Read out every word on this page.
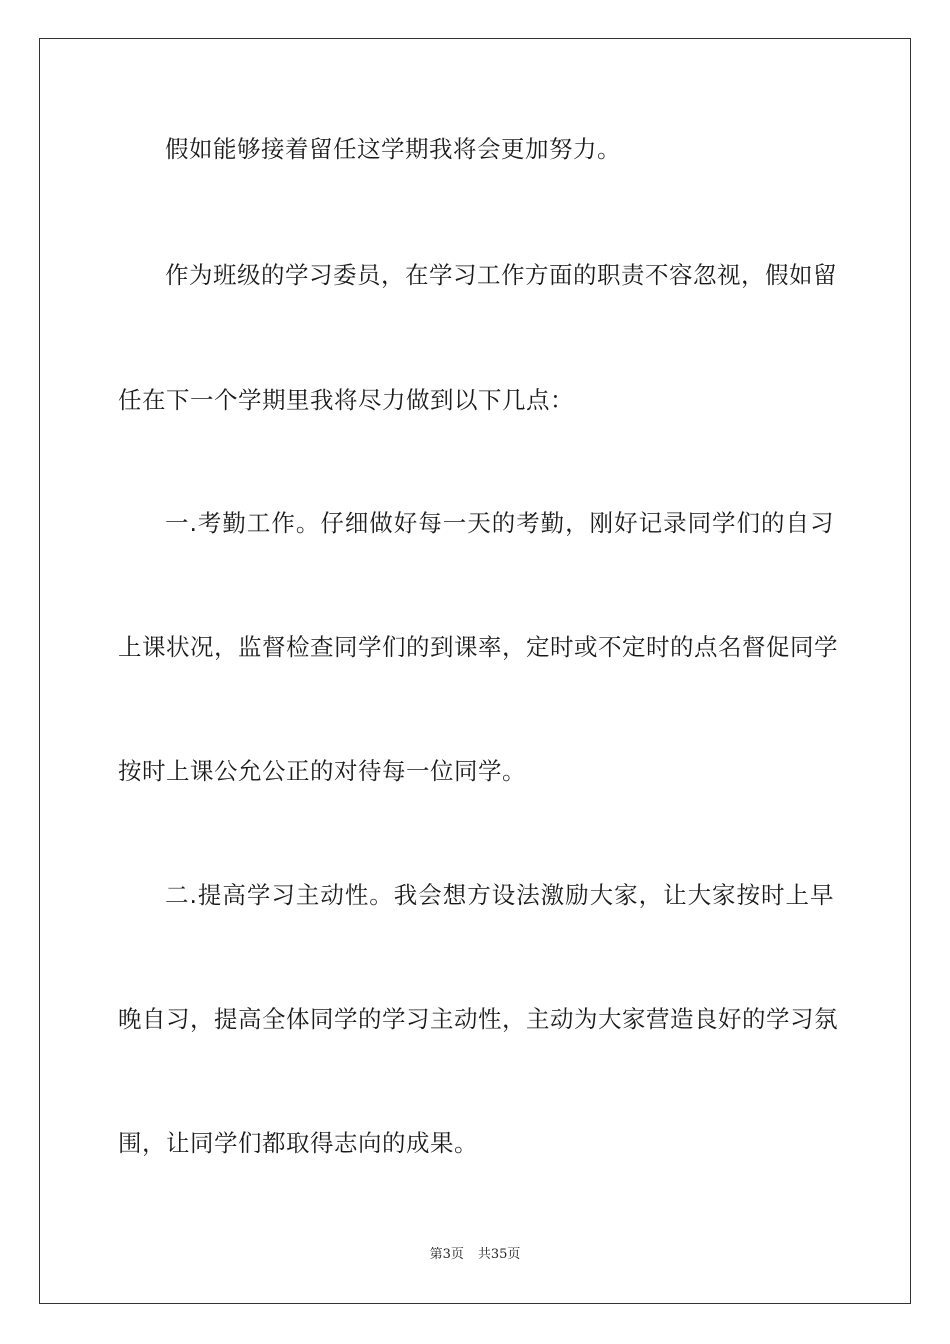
假如能够接着留任这学期我将会更加努力。
作为班级的学习委员，在学习工作方面的职责不容忽视，假如留
任在下一个学期里我将尽力做到以下几点：
一.考勤工作。仔细做好每一天的考勤，刚好记录同学们的自习
上课状况，监督检查同学们的到课率，定时或不定时的点名督促同学
按时上课公允公正的对待每一位同学。
二.提高学习主动性。我会想方设法激励大家，让大家按时上早
晚自习，提高全体同学的学习主动性，主动为大家营造良好的学习氛
围，让同学们都取得志向的成果。
第3页 共35页
